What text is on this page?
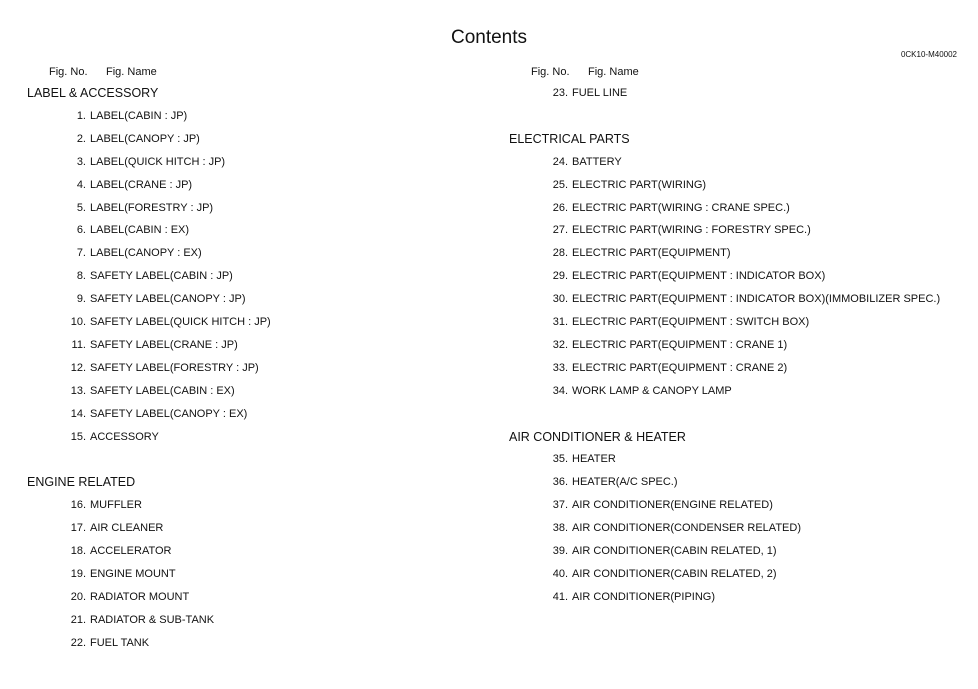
Contents
0CK10-M40002
Fig. No. Fig. Name
LABEL & ACCESSORY
1. LABEL(CABIN : JP)
2. LABEL(CANOPY : JP)
3. LABEL(QUICK HITCH : JP)
4. LABEL(CRANE : JP)
5. LABEL(FORESTRY : JP)
6. LABEL(CABIN : EX)
7. LABEL(CANOPY : EX)
8. SAFETY LABEL(CABIN : JP)
9. SAFETY LABEL(CANOPY : JP)
10. SAFETY LABEL(QUICK HITCH : JP)
11. SAFETY LABEL(CRANE : JP)
12. SAFETY LABEL(FORESTRY : JP)
13. SAFETY LABEL(CABIN : EX)
14. SAFETY LABEL(CANOPY : EX)
15. ACCESSORY
ENGINE RELATED
16. MUFFLER
17. AIR CLEANER
18. ACCELERATOR
19. ENGINE MOUNT
20. RADIATOR MOUNT
21. RADIATOR & SUB-TANK
22. FUEL TANK
Fig. No. Fig. Name
23. FUEL LINE
ELECTRICAL PARTS
24. BATTERY
25. ELECTRIC PART(WIRING)
26. ELECTRIC PART(WIRING : CRANE SPEC.)
27. ELECTRIC PART(WIRING : FORESTRY SPEC.)
28. ELECTRIC PART(EQUIPMENT)
29. ELECTRIC PART(EQUIPMENT : INDICATOR BOX)
30. ELECTRIC PART(EQUIPMENT : INDICATOR BOX)(IMMOBILIZER SPEC.)
31. ELECTRIC PART(EQUIPMENT : SWITCH BOX)
32. ELECTRIC PART(EQUIPMENT : CRANE 1)
33. ELECTRIC PART(EQUIPMENT : CRANE 2)
34. WORK LAMP & CANOPY LAMP
AIR CONDITIONER & HEATER
35. HEATER
36. HEATER(A/C SPEC.)
37. AIR CONDITIONER(ENGINE RELATED)
38. AIR CONDITIONER(CONDENSER RELATED)
39. AIR CONDITIONER(CABIN RELATED, 1)
40. AIR CONDITIONER(CABIN RELATED, 2)
41. AIR CONDITIONER(PIPING)
